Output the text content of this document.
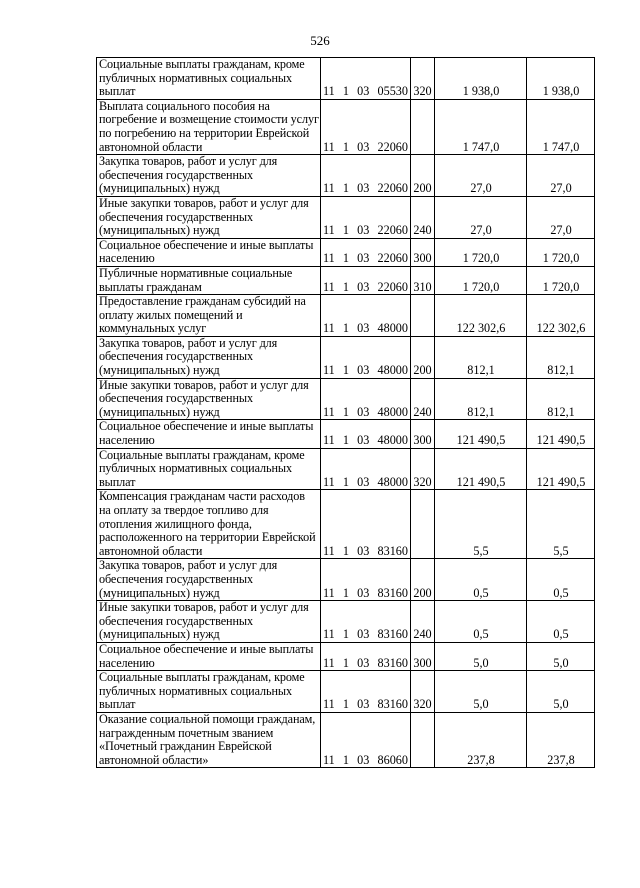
526
Социальные выплаты гражданам, кроме публичных нормативных социальных выплат	11 1 03 05530	320	1 938,0	1 938,0
Выплата социального пособия на погребение и возмещение стоимости услуг по погребению на территории Еврейской автономной области	11 1 03 22060		1 747,0	1 747,0
Закупка товаров, работ и услуг для обеспечения государственных (муниципальных) нужд	11 1 03 22060	200	27,0	27,0
Иные закупки товаров, работ и услуг для обеспечения государственных (муниципальных) нужд	11 1 03 22060	240	27,0	27,0
Социальное обеспечение и иные выплаты населению	11 1 03 22060	300	1 720,0	1 720,0
Публичные нормативные социальные выплаты гражданам	11 1 03 22060	310	1 720,0	1 720,0
Предоставление гражданам субсидий на оплату жилых помещений и коммунальных услуг	11 1 03 48000		122 302,6	122 302,6
Закупка товаров, работ и услуг для обеспечения государственных (муниципальных) нужд	11 1 03 48000	200	812,1	812,1
Иные закупки товаров, работ и услуг для обеспечения государственных (муниципальных) нужд	11 1 03 48000	240	812,1	812,1
Социальное обеспечение и иные выплаты населению	11 1 03 48000	300	121 490,5	121 490,5
Социальные выплаты гражданам, кроме публичных нормативных социальных выплат	11 1 03 48000	320	121 490,5	121 490,5
Компенсация гражданам части расходов на оплату за твердое топливо для отопления жилищного фонда, расположенного на территории Еврейской автономной области	11 1 03 83160		5,5	5,5
Закупка товаров, работ и услуг для обеспечения государственных (муниципальных) нужд	11 1 03 83160	200	0,5	0,5
Иные закупки товаров, работ и услуг для обеспечения государственных (муниципальных) нужд	11 1 03 83160	240	0,5	0,5
Социальное обеспечение и иные выплаты населению	11 1 03 83160	300	5,0	5,0
Социальные выплаты гражданам, кроме публичных нормативных социальных выплат	11 1 03 83160	320	5,0	5,0
Оказание социальной помощи гражданам, награжденным почетным званием «Почетный гражданин Еврейской автономной области»	11 1 03 86060		237,8	237,8
